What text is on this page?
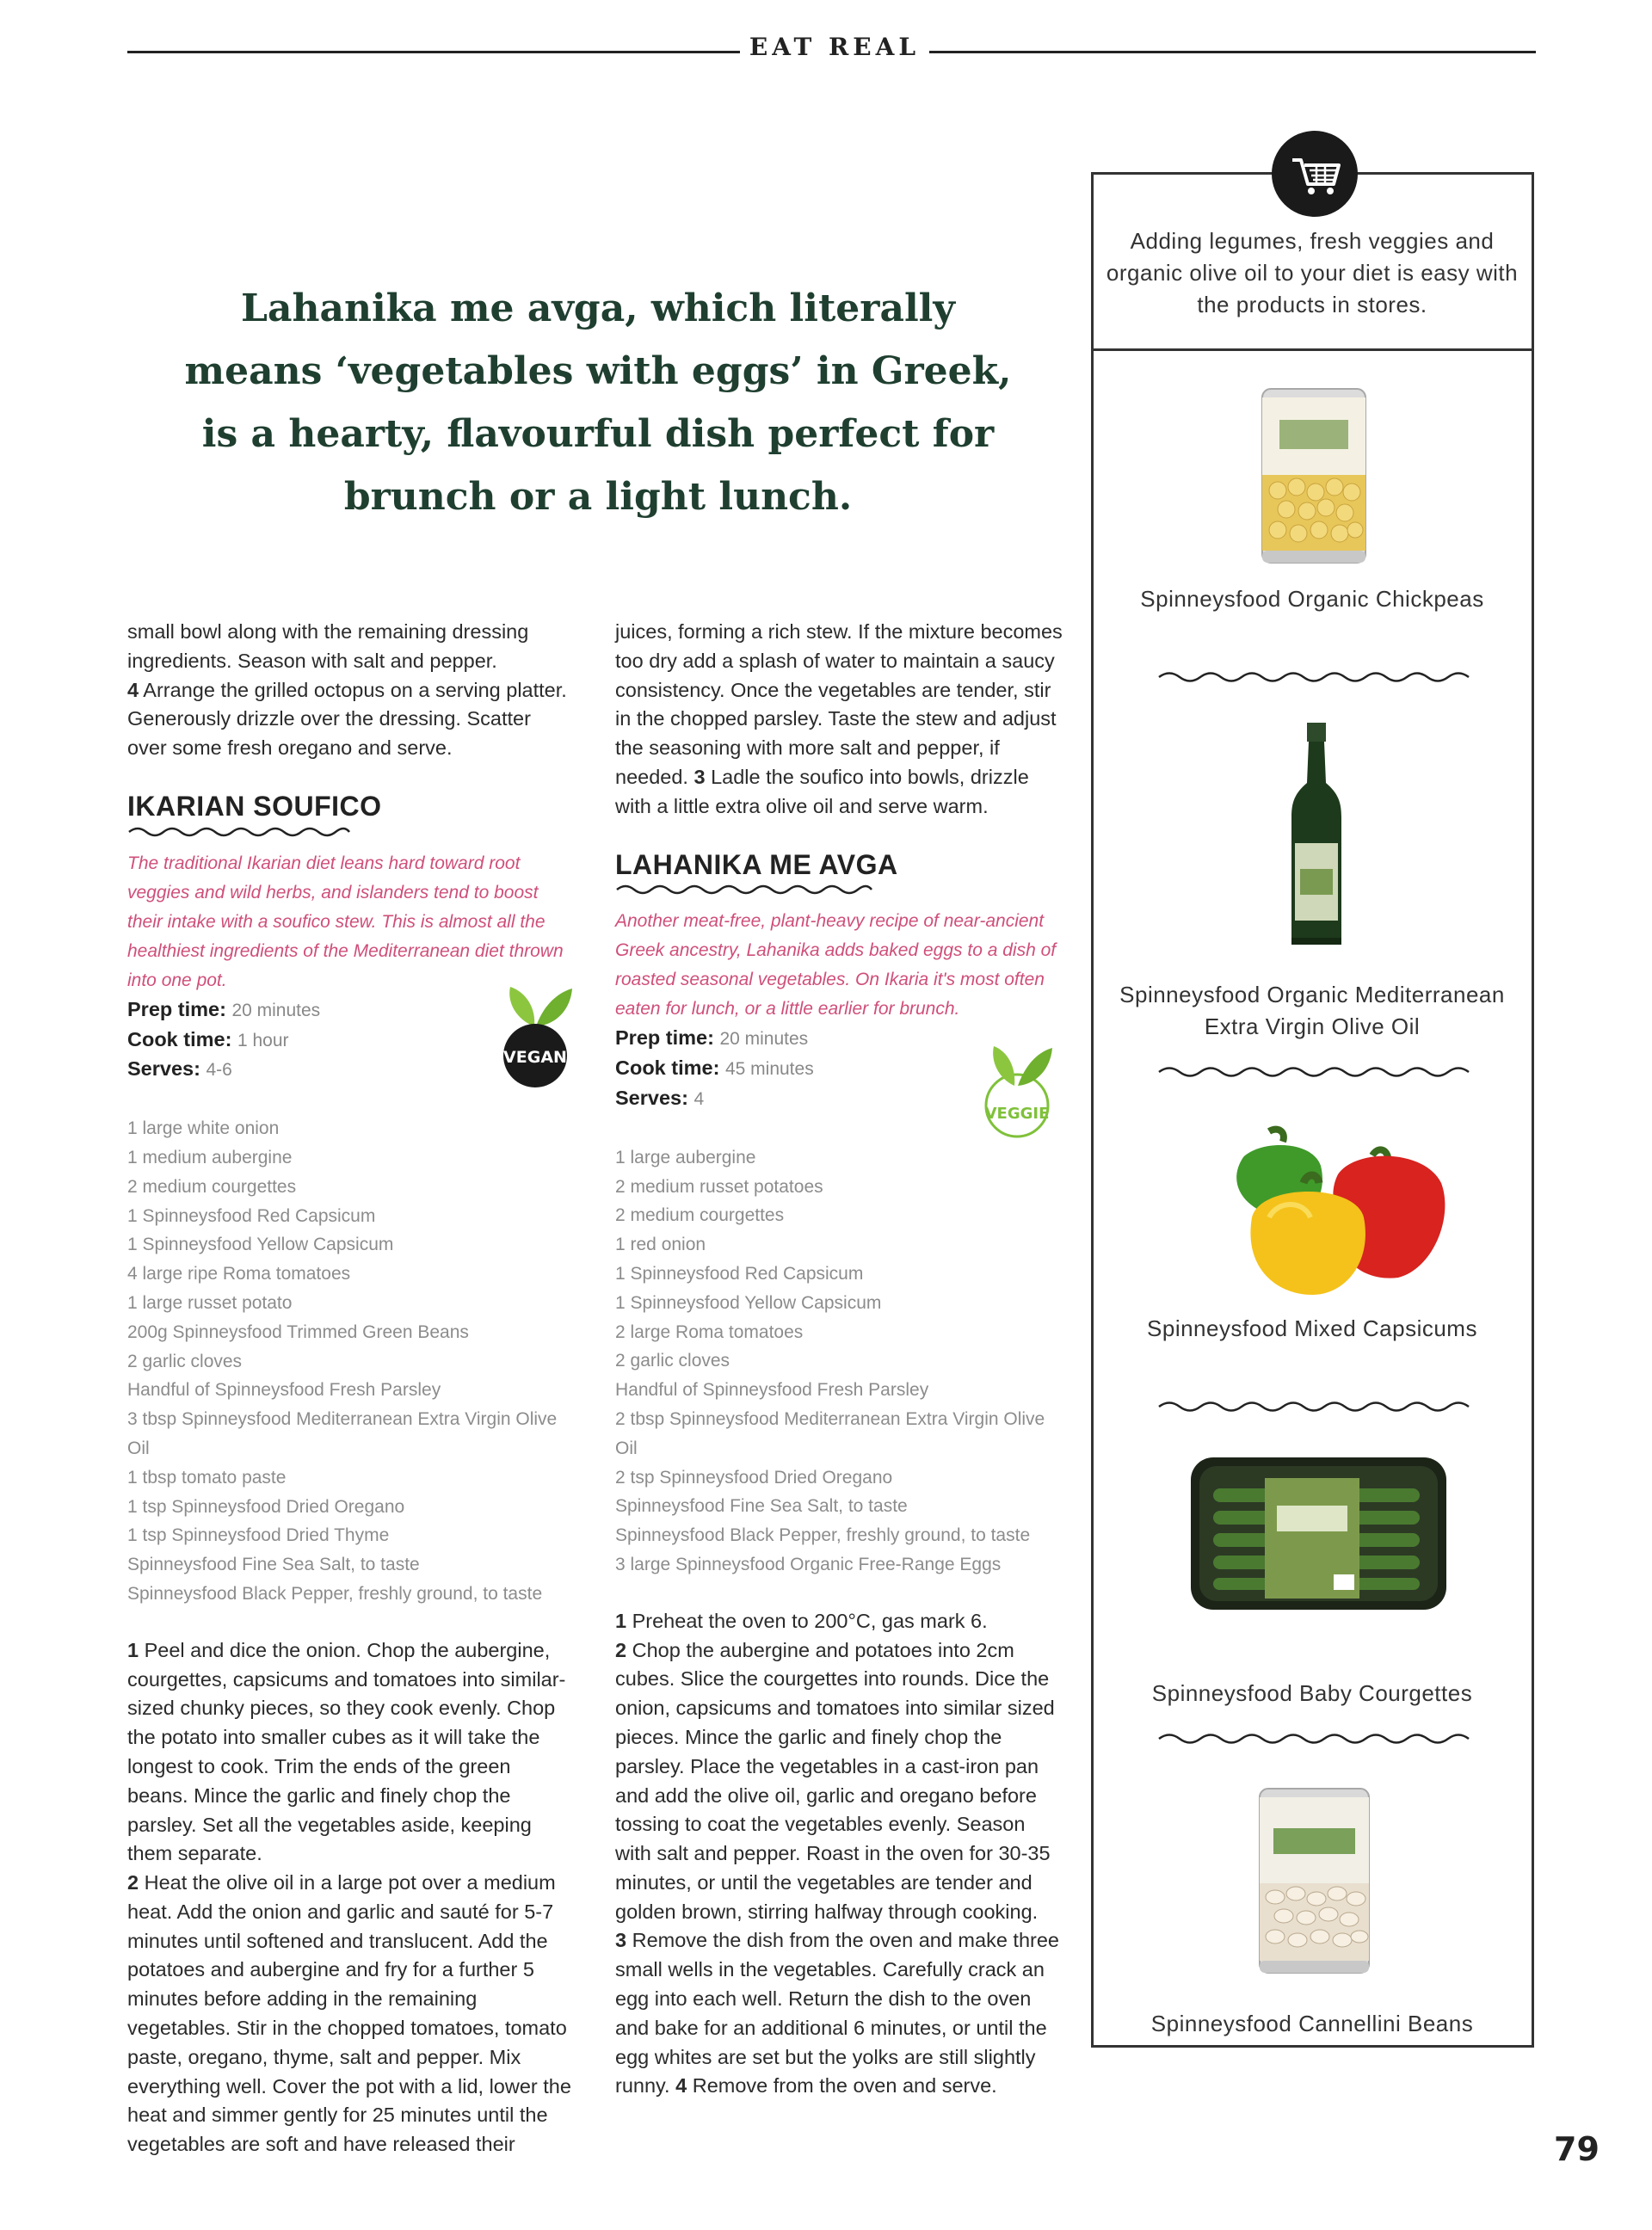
EAT REAL
Lahanika me avga, which literally
means ‘vegetables with eggs’ in Greek,
is a hearty, flavourful dish perfect for
brunch or a light lunch.

small bowl along with the remaining dressing ingredients. Season with salt and pepper.
4 Arrange the grilled octopus on a serving platter. Generously drizzle over the dressing. Scatter over some fresh oregano and serve.

IKARIAN SOUFICO

The traditional Ikarian diet leans hard toward root veggies and wild herbs, and islanders tend to boost their intake with a soufico stew. This is almost all the healthiest ingredients of the Mediterranean diet thrown into one pot.

Prep time: 20 minutes

Cook time: 1 hour

Serves: 4-6

1 large white onion
1 medium aubergine
2 medium courgettes
1 Spinneysfood Red Capsicum
1 Spinneysfood Yellow Capsicum
4 large ripe Roma tomatoes
1 large russet potato
200g Spinneysfood Trimmed Green Beans
2 garlic cloves
Handful of Spinneysfood Fresh Parsley
3 tbsp Spinneysfood Mediterranean Extra Virgin Olive Oil
1 tbsp tomato paste
1 tsp Spinneysfood Dried Oregano
1 tsp Spinneysfood Dried Thyme
Spinneysfood Fine Sea Salt, to taste
Spinneysfood Black Pepper, freshly ground, to taste

1 Peel and dice the onion. Chop the aubergine, courgettes, capsicums and tomatoes into similar-sized chunky pieces, so they cook evenly. Chop the potato into smaller cubes as it will take the longest to cook. Trim the ends of the green beans. Mince the garlic and finely chop the parsley. Set all the vegetables aside, keeping them separate.

2 Heat the olive oil in a large pot over a medium heat. Add the onion and garlic and sauté for 5-7 minutes until softened and translucent. Add the potatoes and aubergine and fry for a further 5 minutes before adding in the remaining vegetables. Stir in the chopped tomatoes, tomato paste, oregano, thyme, salt and pepper. Mix everything well. Cover the pot with a lid, lower the heat and simmer gently for 25 minutes until the vegetables are soft and have released their

VEGAN

juices, forming a rich stew. If the mixture becomes too dry add a splash of water to maintain a saucy consistency. Once the vegetables are tender, stir in the chopped parsley. Taste the stew and adjust the seasoning with more salt and pepper, if needed. 3 Ladle the soufico into bowls, drizzle with a little extra olive oil and serve warm.

LAHANIKA ME AVGA

Another meat-free, plant-heavy recipe of near-ancient Greek ancestry, Lahanika adds baked eggs to a dish of roasted seasonal vegetables. On Ikaria it's most often eaten for lunch, or a little earlier for brunch.

Prep time: 20 minutes

Cook time: 45 minutes

Serves: 4

1 large aubergine
2 medium russet potatoes
2 medium courgettes
1 red onion
1 Spinneysfood Red Capsicum
1 Spinneysfood Yellow Capsicum
2 large Roma tomatoes
2 garlic cloves
Handful of Spinneysfood Fresh Parsley
2 tbsp Spinneysfood Mediterranean Extra Virgin Olive Oil
2 tsp Spinneysfood Dried Oregano
Spinneysfood Fine Sea Salt, to taste
Spinneysfood Black Pepper, freshly ground, to taste
3 large Spinneysfood Organic Free-Range Eggs

1 Preheat the oven to 200°C, gas mark 6.

2 Chop the aubergine and potatoes into 2cm cubes. Slice the courgettes into rounds. Dice the onion, capsicums and tomatoes into similar sized pieces. Mince the garlic and finely chop the parsley. Place the vegetables in a cast-iron pan and add the olive oil, garlic and oregano before tossing to coat the vegetables evenly. Season with salt and pepper. Roast in the oven for 30-35 minutes, or until the vegetables are tender and golden brown, stirring halfway through cooking.

3 Remove the dish from the oven and make three small wells in the vegetables. Carefully crack an egg into each well. Return the dish to the oven and bake for an additional 6 minutes, or until the egg whites are set but the yolks are still slightly runny. 4 Remove from the oven and serve.

VEGGIE
Adding legumes, fresh veggies and organic olive oil to your diet is easy with the products in stores.
Spinneysfood Organic Chickpeas
Spinneysfood Organic Mediterranean Extra Virgin Olive Oil
Spinneysfood Mixed Capsicums
Spinneysfood Baby Courgettes
Spinneysfood Cannellini Beans
79
